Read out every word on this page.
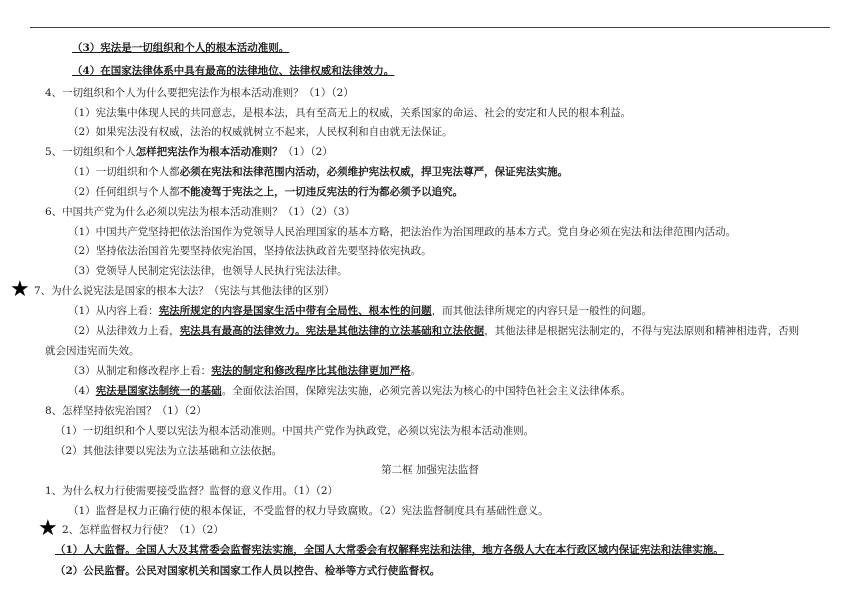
（3）宪法是一切组织和个人的根本活动准则。
（4）在国家法律体系中具有最高的法律地位、法律权威和法律效力。
4、一切组织和个人为什么要把宪法作为根本活动准则？（1）（2）
（1）宪法集中体现人民的共同意志，是根本法，具有至高无上的权威，关系国家的命运、社会的安定和人民的根本利益。
（2）如果宪法没有权威，法治的权威就树立不起来，人民权利和自由就无法保证。
5、一切组织和个人怎样把宪法作为根本活动准则？（1）（2）
（1）一切组织和个人都必须在宪法和法律范围内活动，必须维护宪法权威，捍卫宪法尊严，保证宪法实施。
（2）任何组织与个人都不能凌驾于宪法之上，一切违反宪法的行为都必须予以追究。
6、中国共产党为什么必须以宪法为根本活动准则？（1）（2）（3）
（1）中国共产党坚持把依法治国作为党领导人民治理国家的基本方略，把法治作为治国理政的基本方式。党自身必须在宪法和法律范围内活动。
（2）坚持依法治国首先要坚持依宪治国，坚持依法执政首先要坚持依宪执政。
（3）党领导人民制定宪法法律，也领导人民执行宪法法律。
★ 7、为什么说宪法是国家的根本大法？（宪法与其他法律的区别）
（1）从内容上看：宪法所规定的内容是国家生活中带有全局性、根本性的问题，而其他法律所规定的内容只是一般性的问题。
（2）从法律效力上看，宪法具有最高的法律效力。宪法是其他法律的立法基础和立法依据，其他法律是根据宪法制定的，不得与宪法原则和精神相违背，否则
就会因违宪而失效。
（3）从制定和修改程序上看：宪法的制定和修改程序比其他法律更加严格。
（4）宪法是国家法制统一的基础。全面依法治国，保障宪法实施，必须完善以宪法为核心的中国特色社会主义法律体系。
8、怎样坚持依宪治国？（1）（2）
（1）一切组织和个人要以宪法为根本活动准则。中国共产党作为执政党，必须以宪法为根本活动准则。
（2）其他法律要以宪法为立法基础和立法依据。
第二框 加强宪法监督
1、为什么权力行使需要接受监督？监督的意义作用。（1）（2）
（1）监督是权力正确行使的根本保证，不受监督的权力导致腐败。（2）宪法监督制度具有基础性意义。
★ 2、怎样监督权力行使？（1）（2）
（1）人大监督。全国人大及其常委会监督宪法实施，全国人大常委会有权解释宪法和法律，地方各级人大在本行政区域内保证宪法和法律实施。
（2）公民监督。公民对国家机关和国家工作人员以控告、检举等方式行使监督权。
